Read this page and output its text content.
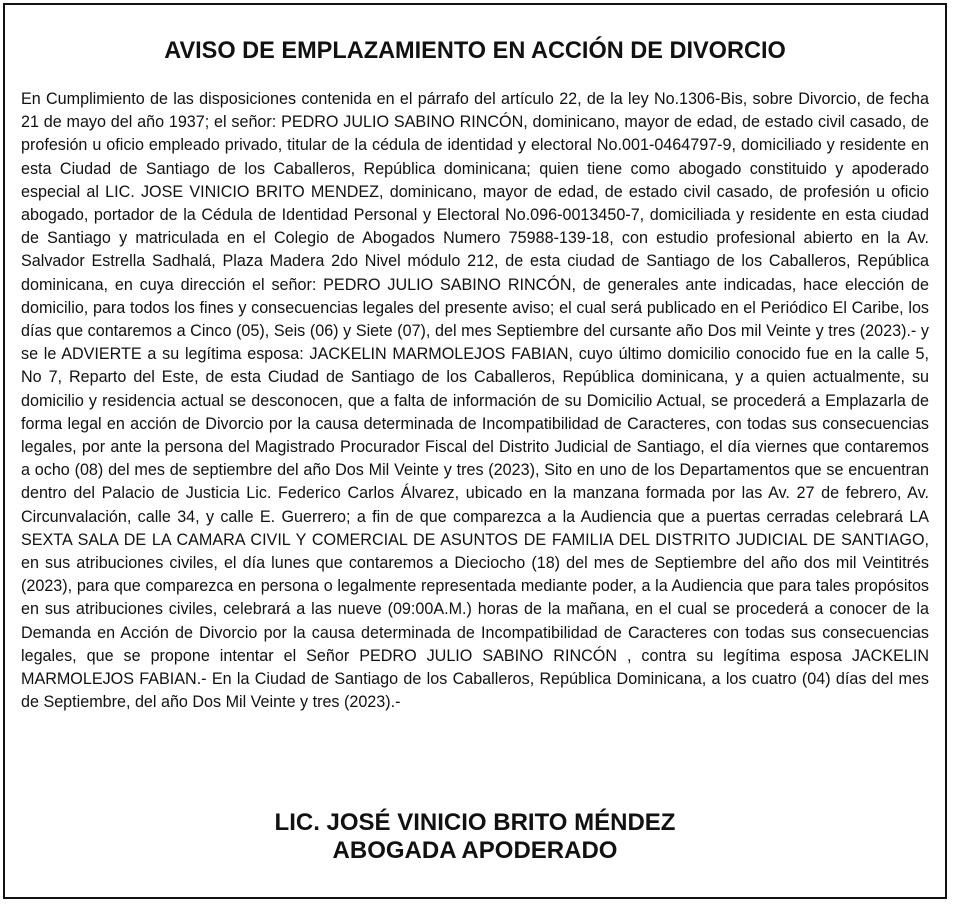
AVISO DE EMPLAZAMIENTO EN ACCIÓN DE DIVORCIO

En Cumplimiento de las disposiciones contenida en el párrafo del artículo 22, de la ley No.1306-Bis, sobre Divorcio, de fecha 21 de mayo del año 1937; el señor: PEDRO JULIO SABINO RINCÓN, dominicano, mayor de edad, de estado civil casado, de profesión u oficio empleado privado, titular de la cédula de identidad y electoral No.001-0464797-9, domiciliado y residente en esta Ciudad de Santiago de los Caballeros, República dominicana; quien tiene como abogado constituido y apoderado especial al LIC. JOSE VINICIO BRITO MENDEZ, dominicano, mayor de edad, de estado civil casado, de profesión u oficio abogado, portador de la Cédula de Identidad Personal y Electoral No.096-0013450-7, domiciliada y residente en esta ciudad de Santiago y matriculada en el Colegio de Abogados Numero 75988-139-18, con estudio profesional abierto en la Av. Salvador Estrella Sadhalá, Plaza Madera 2do Nivel módulo 212, de esta ciudad de Santiago de los Caballeros, República dominicana, en cuya dirección el señor: PEDRO JULIO SABINO RINCÓN, de generales ante indicadas, hace elección de domicilio, para todos los fines y consecuencias legales del presente aviso; el cual será publicado en el Periódico El Caribe, los días que contaremos a Cinco (05), Seis (06) y Siete (07), del mes Septiembre del cursante año Dos mil Veinte y tres (2023).- y se le ADVIERTE a su legítima esposa: JACKELIN MARMOLEJOS FABIAN, cuyo último domicilio conocido fue en la calle 5, No 7, Reparto del Este, de esta Ciudad de Santiago de los Caballeros, República dominicana, y a quien actualmente, su domicilio y residencia actual se desconocen, que a falta de información de su Domicilio Actual, se procederá a Emplazarla de forma legal en acción de Divorcio por la causa determinada de Incompatibilidad de Caracteres, con todas sus consecuencias legales, por ante la persona del Magistrado Procurador Fiscal del Distrito Judicial de Santiago, el día viernes que contaremos a ocho (08) del mes de septiembre del año Dos Mil Veinte y tres (2023), Sito en uno de los Departamentos que se encuentran dentro del Palacio de Justicia Lic. Federico Carlos Álvarez, ubicado en la manzana formada por las Av. 27 de febrero, Av. Circunvalación, calle 34, y calle E. Guerrero; a fin de que comparezca a la Audiencia que a puertas cerradas celebrará LA SEXTA SALA DE LA CAMARA CIVIL Y COMERCIAL DE ASUNTOS DE FAMILIA DEL DISTRITO JUDICIAL DE SANTIAGO, en sus atribuciones civiles, el día lunes que contaremos a Dieciocho (18) del mes de Septiembre del año dos mil Veintitrés (2023), para que comparezca en persona o legalmente representada mediante poder, a la Audiencia que para tales propósitos en sus atribuciones civiles, celebrará a las nueve (09:00A.M.) horas de la mañana, en el cual se procederá a conocer de la Demanda en Acción de Divorcio por la causa determinada de Incompatibilidad de Caracteres con todas sus consecuencias legales, que se propone intentar el Señor PEDRO JULIO SABINO RINCÓN , contra su legítima esposa JACKELIN MARMOLEJOS FABIAN.- En la Ciudad de Santiago de los Caballeros, República Dominicana, a los cuatro (04) días del mes de Septiembre, del año Dos Mil Veinte y tres (2023).-

LIC. JOSÉ VINICIO BRITO MÉNDEZ
ABOGADA APODERADO
